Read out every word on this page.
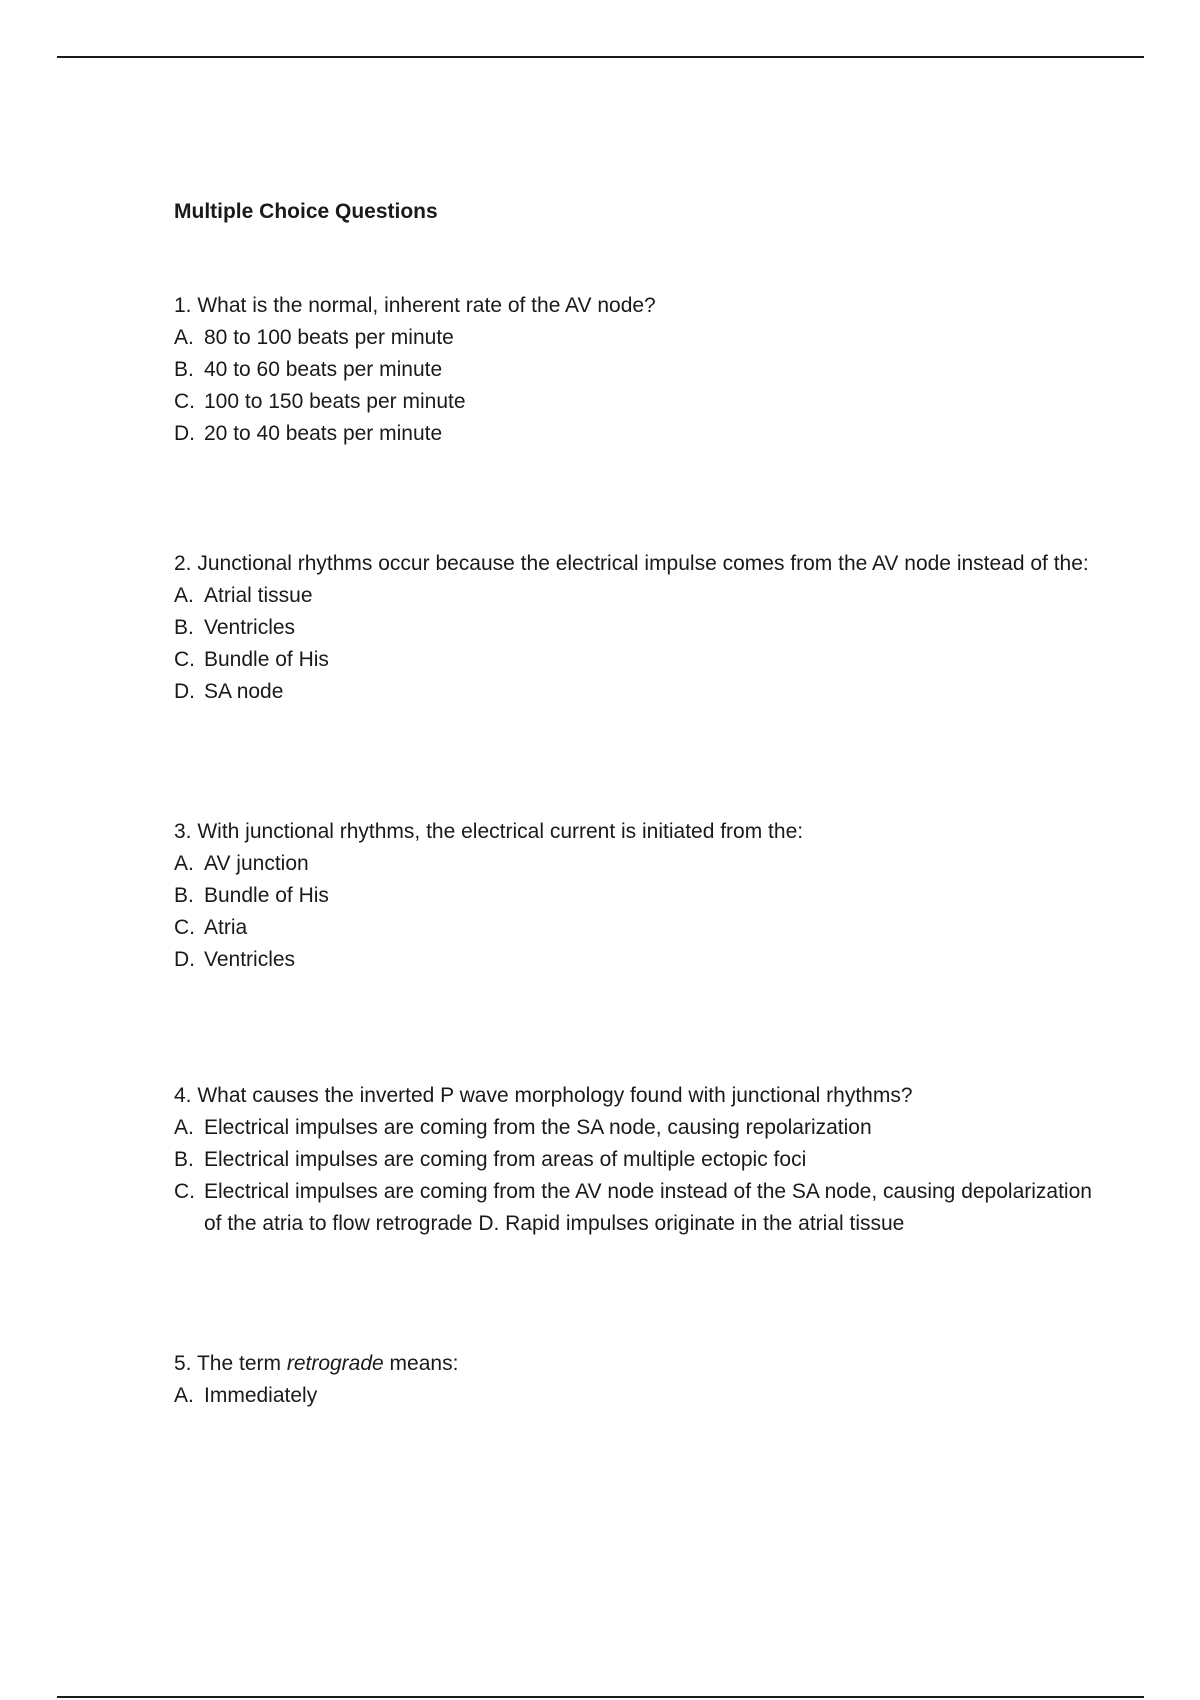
Multiple Choice Questions
1. What is the normal, inherent rate of the AV node?
A. 80 to 100 beats per minute
B. 40 to 60 beats per minute
C. 100 to 150 beats per minute
D. 20 to 40 beats per minute
2. Junctional rhythms occur because the electrical impulse comes from the AV node instead of the:
A. Atrial tissue
B. Ventricles
C. Bundle of His
D. SA node
3. With junctional rhythms, the electrical current is initiated from the:
A. AV junction
B. Bundle of His
C. Atria
D. Ventricles
4. What causes the inverted P wave morphology found with junctional rhythms?
A. Electrical impulses are coming from the SA node, causing repolarization
B. Electrical impulses are coming from areas of multiple ectopic foci
C. Electrical impulses are coming from the AV node instead of the SA node, causing depolarization of the atria to flow retrograde D. Rapid impulses originate in the atrial tissue
5. The term retrograde means:
A. Immediately
